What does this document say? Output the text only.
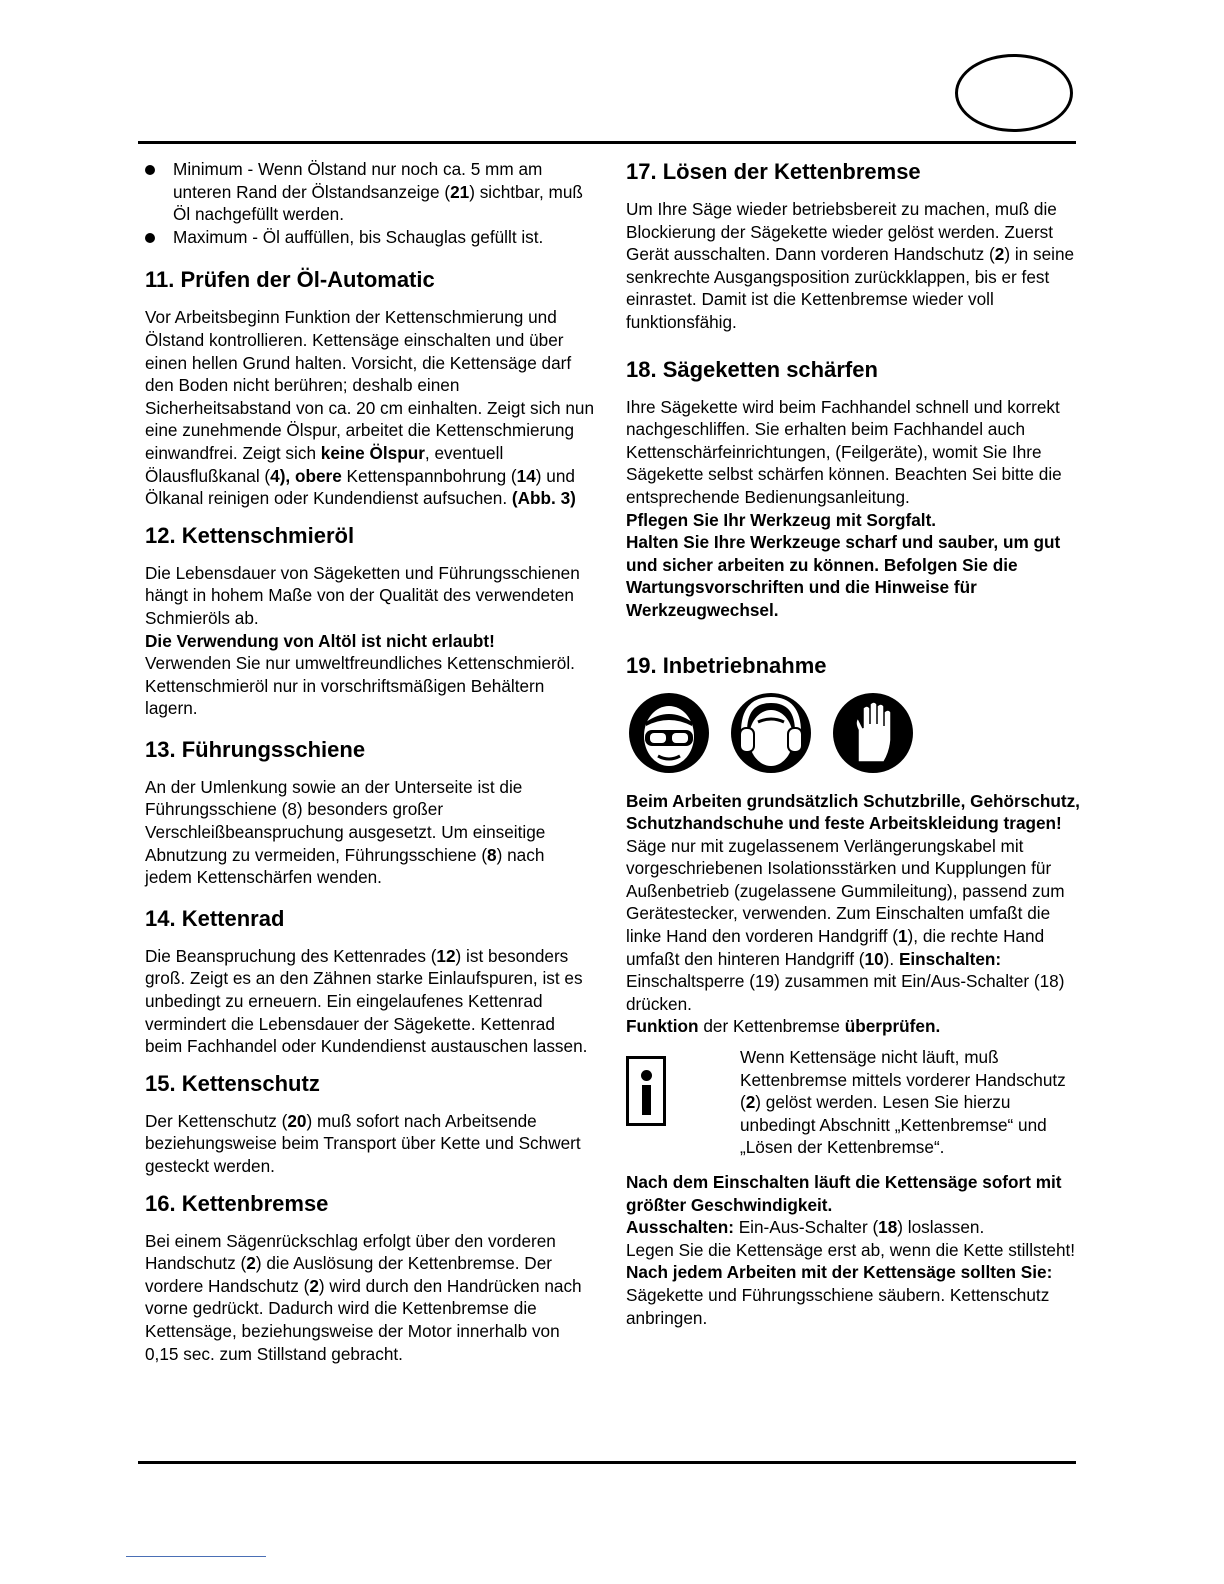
Minimum - Wenn Ölstand nur noch ca. 5 mm am unteren Rand der Ölstandsanzeige (21) sichtbar, muß Öl nachgefüllt werden.
Maximum - Öl auffüllen, bis Schauglas gefüllt ist.
11. Prüfen der Öl-Automatic

Vor Arbeitsbeginn Funktion der Kettenschmierung und Ölstand kontrollieren. Kettensäge einschalten und über einen hellen Grund halten. Vorsicht, die Kettensäge darf den Boden nicht berühren; deshalb einen Sicherheitsabstand von ca. 20 cm einhalten. Zeigt sich nun eine zunehmende Ölspur, arbeitet die Kettenschmierung einwandfrei. Zeigt sich keine Ölspur, eventuell Ölausflußkanal (4), obere Kettenspannbohrung (14) und Ölkanal reinigen oder Kundendienst aufsuchen. (Abb. 3)

12. Kettenschmieröl

Die Lebensdauer von Sägeketten und Führungsschienen hängt in hohem Maße von der Qualität des verwendeten Schmieröls ab.
Die Verwendung von Altöl ist nicht erlaubt!
Verwenden Sie nur umweltfreundliches Kettenschmieröl. Kettenschmieröl nur in vorschriftsmäßigen Behältern lagern.

13. Führungsschiene

An der Umlenkung sowie an der Unterseite ist die Führungsschiene (8) besonders großer Verschleißbeanspruchung ausgesetzt. Um einseitige Abnutzung zu vermeiden, Führungsschiene (8) nach jedem Kettenschärfen wenden.

14. Kettenrad

Die Beanspruchung des Kettenrades (12) ist besonders groß. Zeigt es an den Zähnen starke Einlaufspuren, ist es unbedingt zu erneuern. Ein eingelaufenes Kettenrad vermindert die Lebensdauer der Sägekette. Kettenrad beim Fachhandel oder Kundendienst austauschen lassen.

15. Kettenschutz

Der Kettenschutz (20) muß sofort nach Arbeitsende beziehungsweise beim Transport über Kette und Schwert gesteckt werden.

16. Kettenbremse

Bei einem Sägenrückschlag erfolgt über den vorderen Handschutz (2) die Auslösung der Kettenbremse. Der vordere Handschutz (2) wird durch den Handrücken nach vorne gedrückt. Dadurch wird die Kettenbremse die Kettensäge, beziehungsweise der Motor innerhalb von 0,15 sec. zum Stillstand gebracht.

17. Lösen der Kettenbremse

Um Ihre Säge wieder betriebsbereit zu machen, muß die Blockierung der Sägekette wieder gelöst werden. Zuerst Gerät ausschalten. Dann vorderen Handschutz (2) in seine senkrechte Ausgangsposition zurückklappen, bis er fest einrastet. Damit ist die Kettenbremse wieder voll funktionsfähig.

18. Sägeketten schärfen

Ihre Sägekette wird beim Fachhandel schnell und korrekt nachgeschliffen. Sie erhalten beim Fachhandel auch Kettenschärfeinrichtungen, (Feilgeräte), womit Sie Ihre Sägekette selbst schärfen können. Beachten Sei bitte die entsprechende Bedienungsanleitung.
Pflegen Sie Ihr Werkzeug mit Sorgfalt.
Halten Sie Ihre Werkzeuge scharf und sauber, um gut und sicher arbeiten zu können. Befolgen Sie die Wartungsvorschriften und die Hinweise für Werkzeugwechsel.

19. Inbetriebnahme

Beim Arbeiten grundsätzlich Schutzbrille, Gehörschutz, Schutzhandschuhe und feste Arbeitskleidung tragen!
Säge nur mit zugelassenem Verlängerungskabel mit vorgeschriebenen Isolationsstärken und Kupplungen für Außenbetrieb (zugelassene Gummileitung), passend zum Gerätestecker, verwenden. Zum Einschalten umfaßt die linke Hand den vorderen Handgriff (1), die rechte Hand umfaßt den hinteren Handgriff (10). Einschalten: Einschaltsperre (19) zusammen mit Ein/Aus-Schalter (18) drücken.
Funktion der Kettenbremse überprüfen.

Wenn Kettensäge nicht läuft, muß Kettenbremse mittels vorderer Handschutz (2) gelöst werden. Lesen Sie hierzu unbedingt Abschnitt „Kettenbremse“ und „Lösen der Kettenbremse“.

Nach dem Einschalten läuft die Kettensäge sofort mit größter Geschwindigkeit.
Ausschalten: Ein-Aus-Schalter (18) loslassen.
Legen Sie die Kettensäge erst ab, wenn die Kette stillsteht!
Nach jedem Arbeiten mit der Kettensäge sollten Sie: Sägekette und Führungsschiene säubern. Kettenschutz anbringen.
